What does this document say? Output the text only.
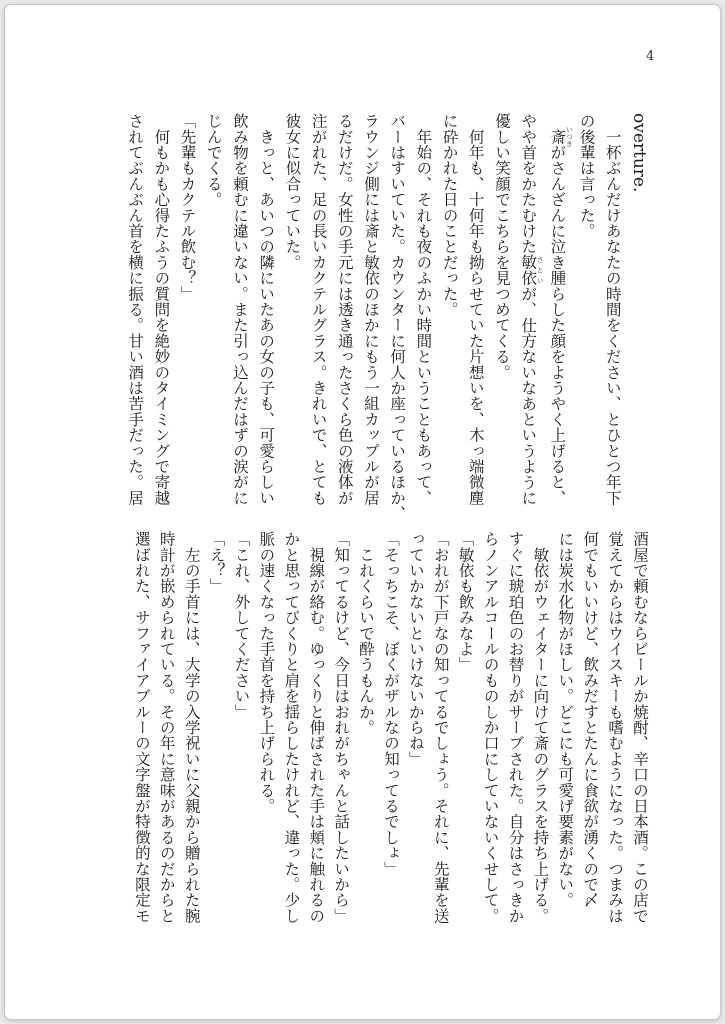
4
overture.
　一杯ぶんだけあなたの時間をください、とひとつ年下
の後輩は言った。
　斎 いつきがさんざんに泣き腫らした顔をようやく上げると、
やや首をかたむけた敏依 さといが、仕方ないなあというように
優しい笑顔でこちらを見つめてくる。
　何年も、十何年も拗らせていた片想いを、木っ端微塵
に砕かれた日のことだった。
　年始の、それも夜のふかい時間ということもあって、
バーはすいていた。カウンターに何人か座っているほか、
ラウンジ側には斎と敏依のほかにもう一組カップルが居
るだけだ。女性の手元には透き通ったさくら色の液体が
注がれた、足の長いカクテルグラス。きれいで、とても
彼女に似合っていた。
　きっと、あいつの隣にいたあの女の子も、可愛らしい
飲み物を頼むに違いない。また引っ込んだはずの涙がに
じんでくる。
「先輩もカクテル飲む？」
　何もかも心得たふうの質問を絶妙のタイミングで寄越
されてぶんぶん首を横に振る。甘い酒は苦手だった。居
酒屋で頼むならビールか焼酎、辛口の日本酒。この店で
覚えてからはウイスキーも嗜むようになった。つまみは
何でもいいけど、飲みだすとたんに食欲が湧くので〆
には炭水化物がほしい。どこにも可愛げ要素がない。
　敏依がウェイターに向けて斎のグラスを持ち上げる。
すぐに琥珀色のお替りがサーブされた。自分はさっきか
らノンアルコールのものしか口にしていないくせして。
「敏依も飲みなよ」
「おれが下戸なの知ってるでしょう。それに、先輩を送
っていかないといけないからね」
「そっちこそ、ぼくがザルなの知ってるでしょ」
　これくらいで酔うもんか。
「知ってるけど、今日はおれがちゃんと話したいから」
　視線が絡む。ゆっくりと伸ばされた手は頬に触れるの
かと思ってびくりと肩を揺らしたけれど、違った。少し
脈の速くなった手首を持ち上げられる。
「これ、外してください」
「え？」
　左の手首には、大学の入学祝いに父親から贈られた腕
時計が嵌められている。その年に意味があるのだからと
選ばれた、サファイアブルーの文字盤が特徴的な限定モ
